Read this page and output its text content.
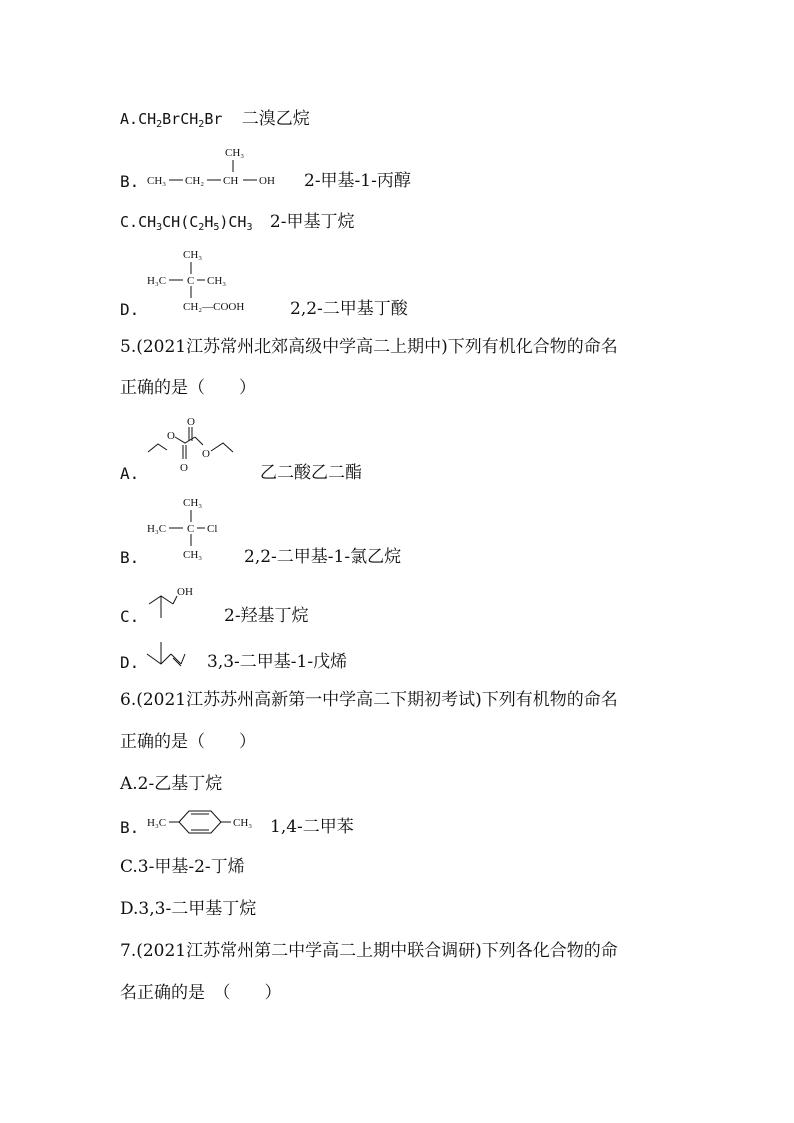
$A.CH_2BrCH_2Br$ 二溴乙烷
B.
CH₃
CH₃ CH₂ CH OH 2-甲基-1-丙醇
$C.CH_3CH(C_2H_5)CH_3$ 2-甲基丁烷
D.
CH₃
H₃C C CH₃
CH₂—COOH	2,2-二甲基丁酸
5.(2021江苏常州北郊高级中学高二上期中)下列有机化合物的命名
正确的是（　　）
A.
O
O
O
O
乙二酸乙二酯
B.
CH₃
H₃C C Cl
CH₃ 2,2-二甲基-1-氯乙烷
C.
OH
2-羟基丁烷
D.	3,3-二甲基-1-戊烯
6.(2021江苏苏州高新第一中学高二下期初考试)下列有机物的命名
正确的是（　　）
A.2-乙基丁烷
B. H₃C	CH₃ 1,4-二甲苯
C.3-甲基-2-丁烯
D.3,3-二甲基丁烷
7.(2021江苏常州第二中学高二上期中联合调研)下列各化合物的命
名正确的是　（　　）
